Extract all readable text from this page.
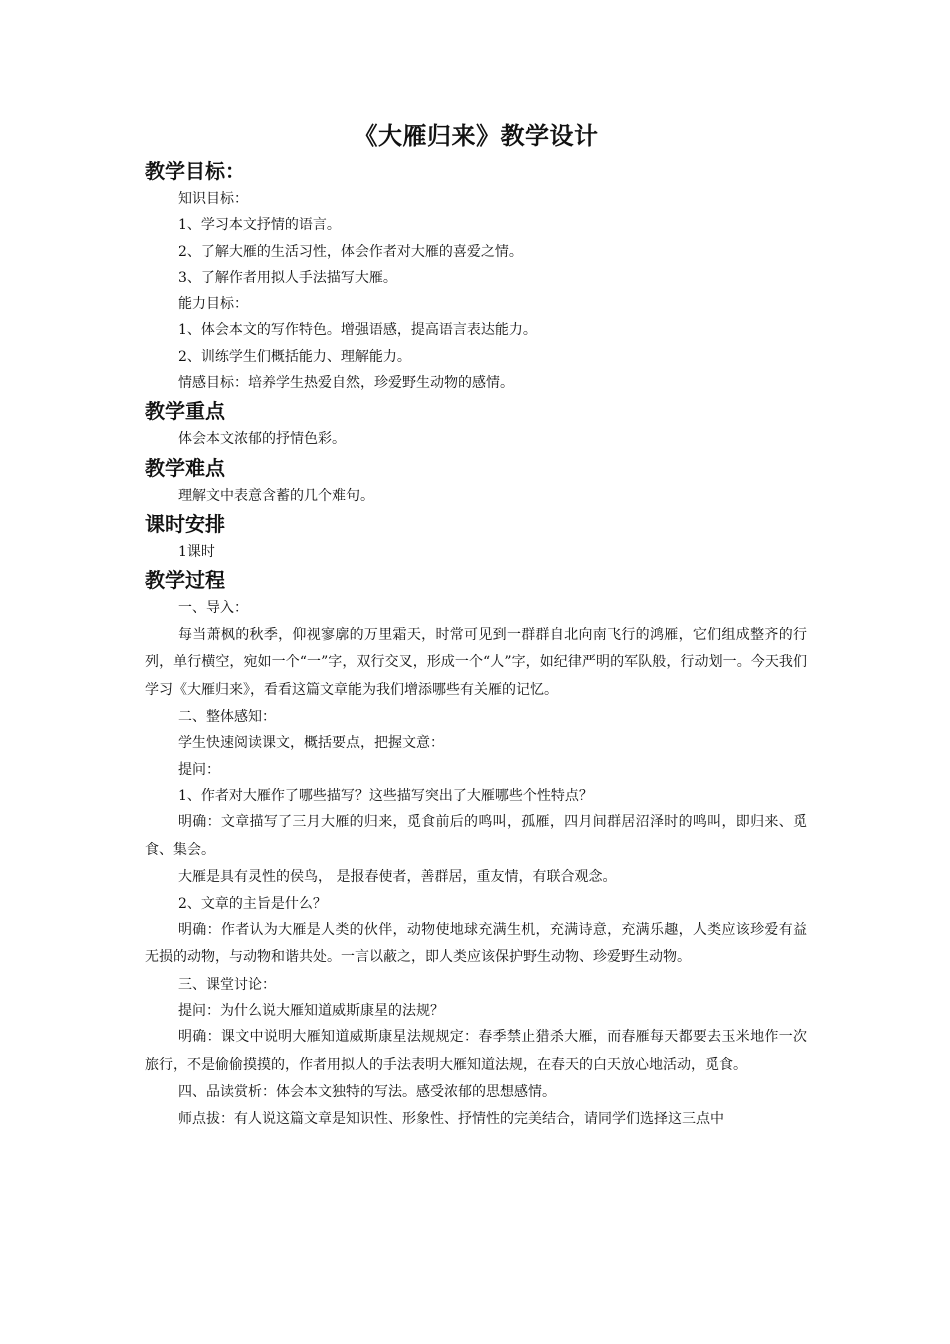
《大雁归来》教学设计
教学目标：

知识目标：

1、学习本文抒情的语言。

2、了解大雁的生活习性，体会作者对大雁的喜爱之情。

3、了解作者用拟人手法描写大雁。

能力目标：

1、体会本文的写作特色。增强语感，提高语言表达能力。

2、训练学生们概括能力、理解能力。

情感目标：培养学生热爱自然，珍爱野生动物的感情。

教学重点

体会本文浓郁的抒情色彩。

教学难点

理解文中表意含蓄的几个难句。

课时安排

1课时

教学过程

一、导入：

每当萧枫的秋季，仰视寥廓的万里霜天，时常可见到一群群自北向南飞行的鸿雁，它们组成整齐的行列，单行横空，宛如一个“一”字，双行交叉，形成一个“人”字，如纪律严明的军队般，行动划一。今天我们学习《大雁归来》，看看这篇文章能为我们增添哪些有关雁的记忆。

二、整体感知：

学生快速阅读课文，概括要点，把握文意：

提问：

1、作者对大雁作了哪些描写？这些描写突出了大雁哪些个性特点？

明确：文章描写了三月大雁的归来，觅食前后的鸣叫，孤雁，四月间群居沼泽时的鸣叫，即归来、觅食、集会。

大雁是具有灵性的侯鸟， 是报春使者，善群居，重友情，有联合观念。

2、文章的主旨是什么？

明确：作者认为大雁是人类的伙伴，动物使地球充满生机，充满诗意，充满乐趣，人类应该珍爱有益无损的动物，与动物和谐共处。一言以蔽之，即人类应该保护野生动物、珍爱野生动物。

三、课堂讨论：

提问：为什么说大雁知道威斯康星的法规？

明确：课文中说明大雁知道威斯康星法规规定：春季禁止猎杀大雁，而春雁每天都要去玉米地作一次旅行，不是偷偷摸摸的，作者用拟人的手法表明大雁知道法规，在春天的白天放心地活动，觅食。

四、品读赏析：体会本文独特的写法。感受浓郁的思想感情。

师点拔：有人说这篇文章是知识性、形象性、抒情性的完美结合，请同学们选择这三点中
